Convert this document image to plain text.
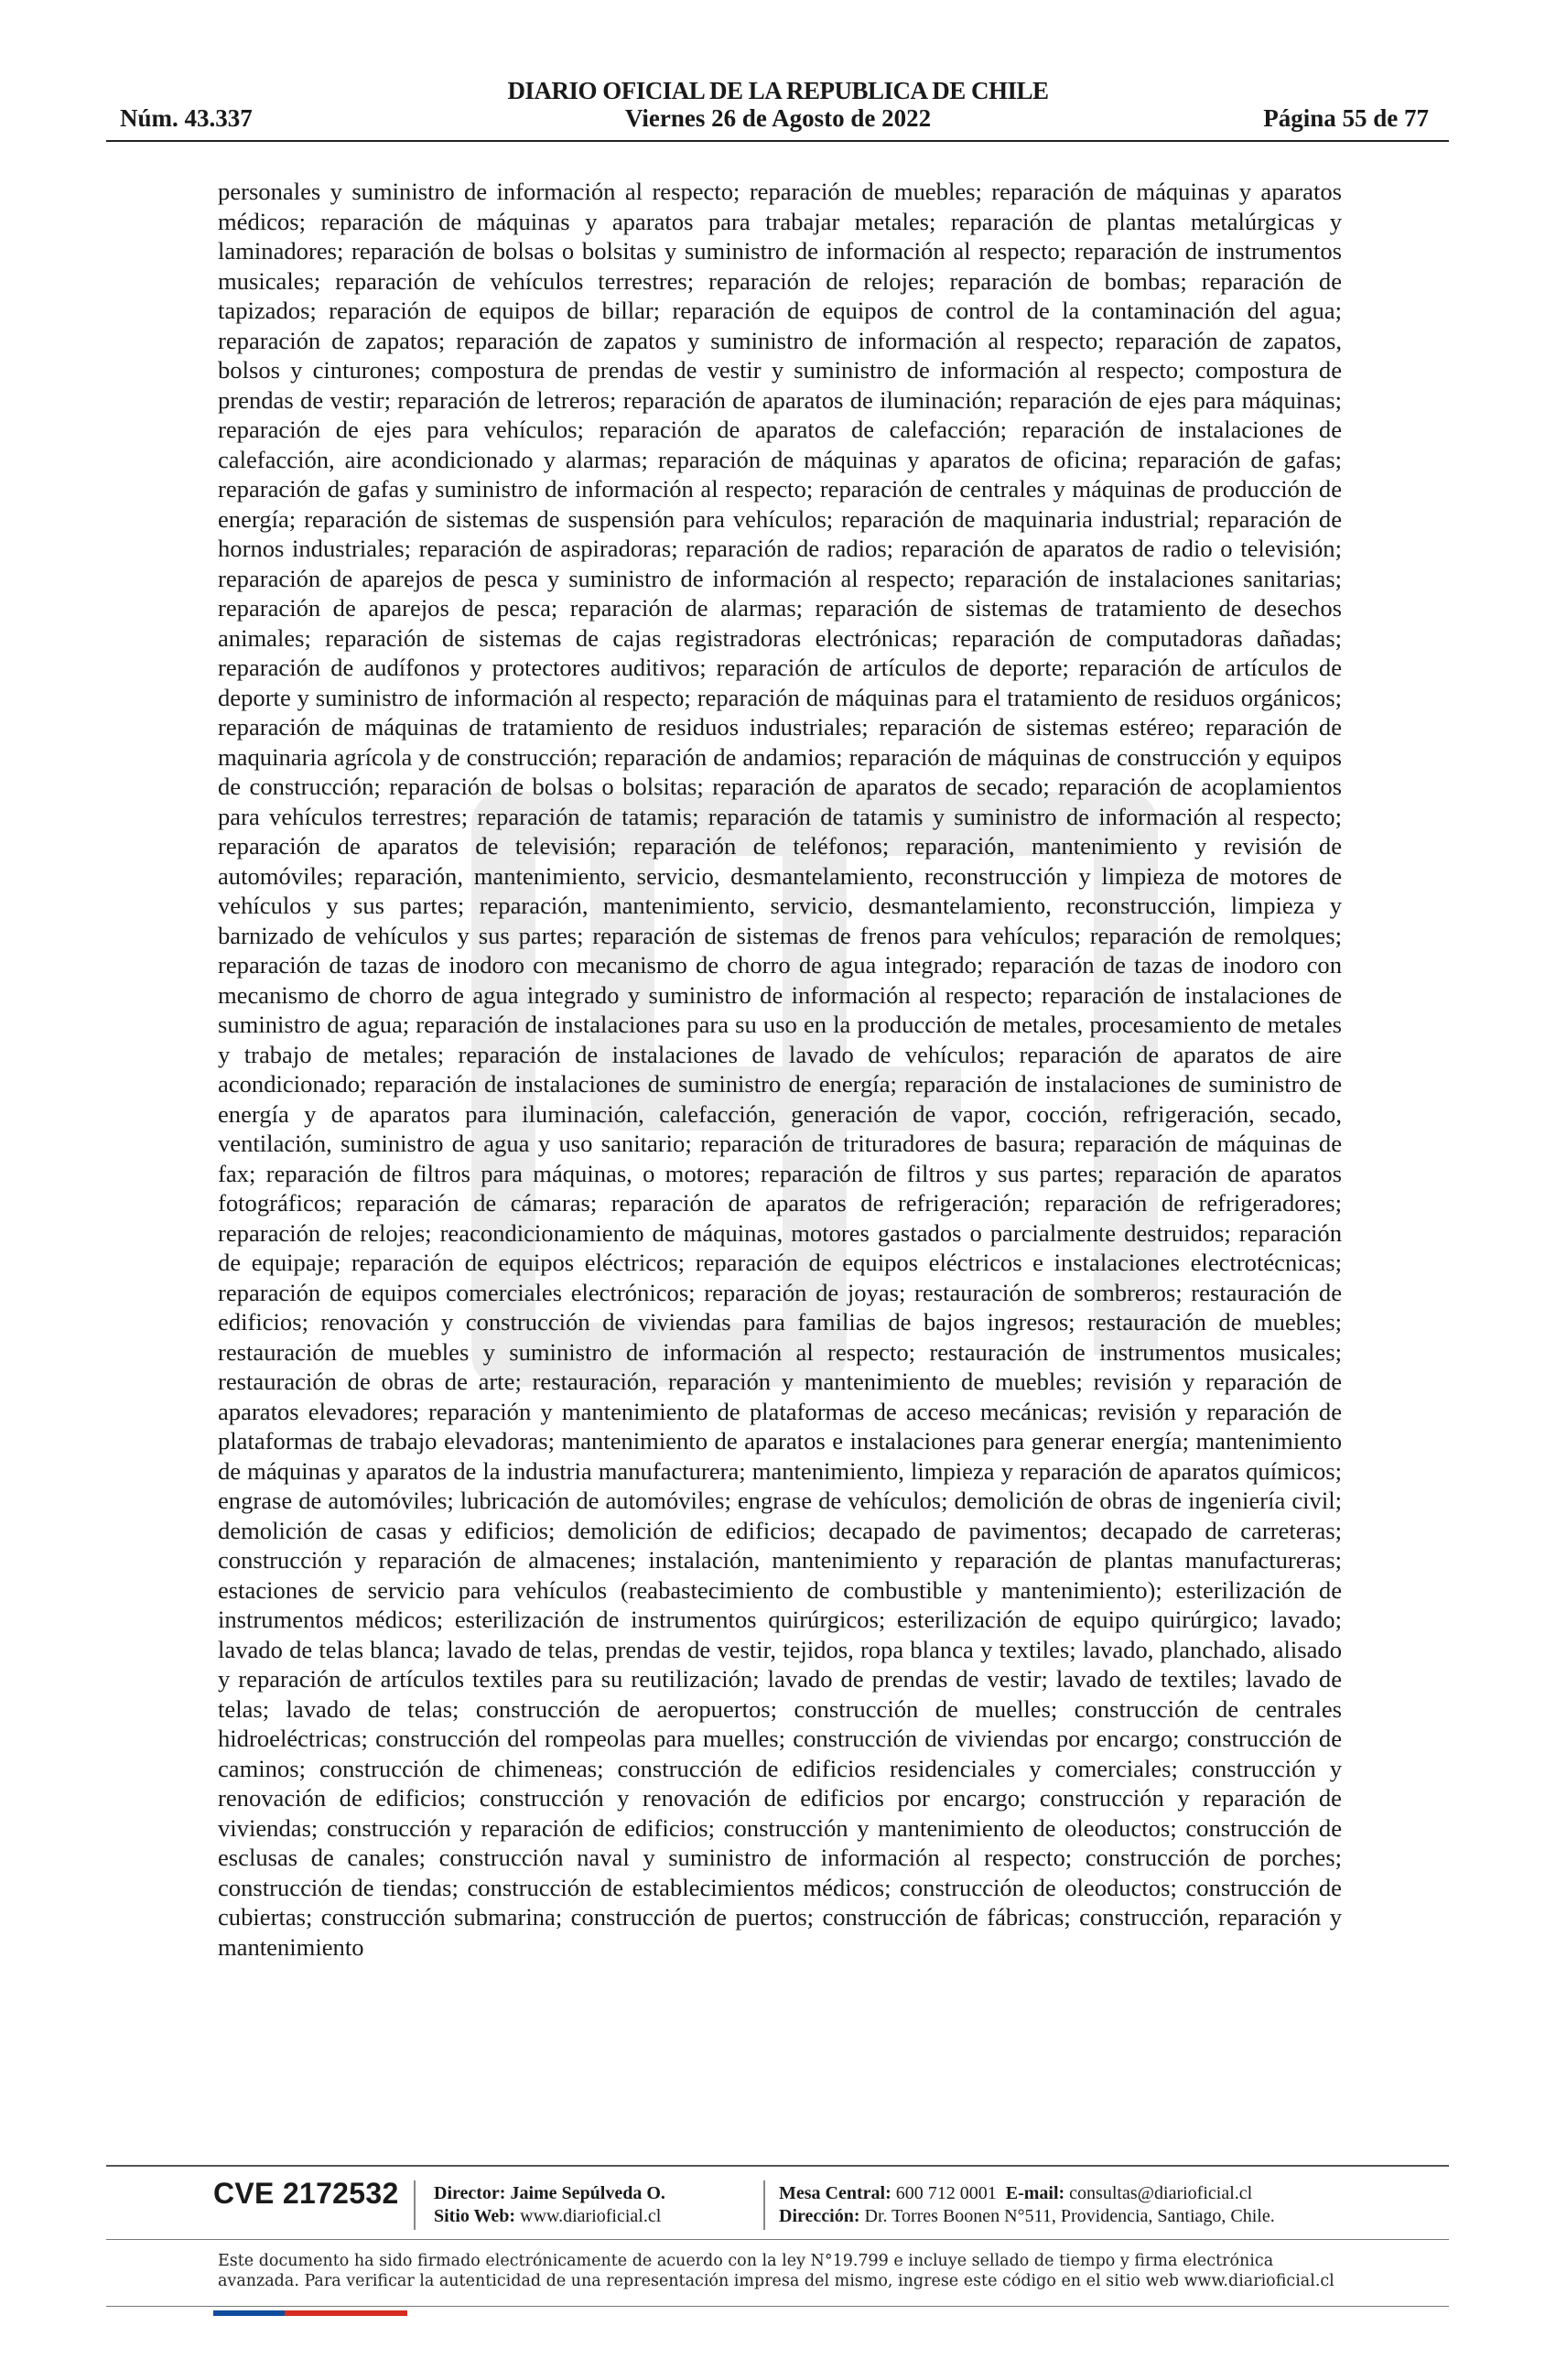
DIARIO OFICIAL DE LA REPUBLICA DE CHILE
Núm. 43.337	Viernes 26 de Agosto de 2022	Página 55 de 77

personales y suministro de información al respecto; reparación de muebles; reparación de máquinas y aparatos médicos; reparación de máquinas y aparatos para trabajar metales; reparación de plantas metalúrgicas y laminadores; reparación de bolsas o bolsitas y suministro de información al respecto; reparación de instrumentos musicales; reparación de vehículos terrestres; reparación de relojes; reparación de bombas; reparación de tapizados; reparación de equipos de billar; reparación de equipos de control de la contaminación del agua; reparación de zapatos; reparación de zapatos y suministro de información al respecto; reparación de zapatos, bolsos y cinturones; compostura de prendas de vestir y suministro de información al respecto; compostura de prendas de vestir; reparación de letreros; reparación de aparatos de iluminación; reparación de ejes para máquinas; reparación de ejes para vehículos; reparación de aparatos de calefacción; reparación de instalaciones de calefacción, aire acondicionado y alarmas; reparación de máquinas y aparatos de oficina; reparación de gafas; reparación de gafas y suministro de información al respecto; reparación de centrales y máquinas de producción de energía; reparación de sistemas de suspensión para vehículos; reparación de maquinaria industrial; reparación de hornos industriales; reparación de aspiradoras; reparación de radios; reparación de aparatos de radio o televisión; reparación de aparejos de pesca y suministro de información al respecto; reparación de instalaciones sanitarias; reparación de aparejos de pesca; reparación de alarmas; reparación de sistemas de tratamiento de desechos animales; reparación de sistemas de cajas registradoras electrónicas; reparación de computadoras dañadas; reparación de audífonos y protectores auditivos; reparación de artículos de deporte; reparación de artículos de deporte y suministro de información al respecto; reparación de máquinas para el tratamiento de residuos orgánicos; reparación de máquinas de tratamiento de residuos industriales; reparación de sistemas estéreo; reparación de maquinaria agrícola y de construcción; reparación de andamios; reparación de máquinas de construcción y equipos de construcción; reparación de bolsas o bolsitas; reparación de aparatos de secado; reparación de acoplamientos para vehículos terrestres; reparación de tatamis; reparación de tatamis y suministro de información al respecto; reparación de aparatos de televisión; reparación de teléfonos; reparación, mantenimiento y revisión de automóviles; reparación, mantenimiento, servicio, desmantelamiento, reconstrucción y limpieza de motores de vehículos y sus partes; reparación, mantenimiento, servicio, desmantelamiento, reconstrucción, limpieza y barnizado de vehículos y sus partes; reparación de sistemas de frenos para vehículos; reparación de remolques; reparación de tazas de inodoro con mecanismo de chorro de agua integrado; reparación de tazas de inodoro con mecanismo de chorro de agua integrado y suministro de información al respecto; reparación de instalaciones de suministro de agua; reparación de instalaciones para su uso en la producción de metales, procesamiento de metales y trabajo de metales; reparación de instalaciones de lavado de vehículos; reparación de aparatos de aire acondicionado; reparación de instalaciones de suministro de energía; reparación de instalaciones de suministro de energía y de aparatos para iluminación, calefacción, generación de vapor, cocción, refrigeración, secado, ventilación, suministro de agua y uso sanitario; reparación de trituradores de basura; reparación de máquinas de fax; reparación de filtros para máquinas, o motores; reparación de filtros y sus partes; reparación de aparatos fotográficos; reparación de cámaras; reparación de aparatos de refrigeración; reparación de refrigeradores; reparación de relojes; reacondicionamiento de máquinas, motores gastados o parcialmente destruidos; reparación de equipaje; reparación de equipos eléctricos; reparación de equipos eléctricos e instalaciones electrotécnicas; reparación de equipos comerciales electrónicos; reparación de joyas; restauración de sombreros; restauración de edificios; renovación y construcción de viviendas para familias de bajos ingresos; restauración de muebles; restauración de muebles y suministro de información al respecto; restauración de instrumentos musicales; restauración de obras de arte; restauración, reparación y mantenimiento de muebles; revisión y reparación de aparatos elevadores; reparación y mantenimiento de plataformas de acceso mecánicas; revisión y reparación de plataformas de trabajo elevadoras; mantenimiento de aparatos e instalaciones para generar energía; mantenimiento de máquinas y aparatos de la industria manufacturera; mantenimiento, limpieza y reparación de aparatos químicos; engrase de automóviles; lubricación de automóviles; engrase de vehículos; demolición de obras de ingeniería civil; demolición de casas y edificios; demolición de edificios; decapado de pavimentos; decapado de carreteras; construcción y reparación de almacenes; instalación, mantenimiento y reparación de plantas manufactureras; estaciones de servicio para vehículos (reabastecimiento de combustible y mantenimiento); esterilización de instrumentos médicos; esterilización de instrumentos quirúrgicos; esterilización de equipo quirúrgico; lavado; lavado de telas blanca; lavado de telas, prendas de vestir, tejidos, ropa blanca y textiles; lavado, planchado, alisado y reparación de artículos textiles para su reutilización; lavado de prendas de vestir; lavado de textiles; lavado de telas; lavado de telas; construcción de aeropuertos; construcción de muelles; construcción de centrales hidroeléctricas; construcción del rompeolas para muelles; construcción de viviendas por encargo; construcción de caminos; construcción de chimeneas; construcción de edificios residenciales y comerciales; construcción y renovación de edificios; construcción y renovación de edificios por encargo; construcción y reparación de viviendas; construcción y reparación de edificios; construcción y mantenimiento de oleoductos; construcción de esclusas de canales; construcción naval y suministro de información al respecto; construcción de porches; construcción de tiendas; construcción de establecimientos médicos; construcción de oleoductos; construcción de cubiertas; construcción submarina; construcción de puertos; construcción de fábricas; construcción, reparación y mantenimiento

CVE 2172532 Director: Jaime Sepúlveda O.
Sitio Web: www.diarioficial.cl
Mesa Central: 600 712 0001 E-mail: consultas@diarioficial.cl
Dirección: Dr. Torres Boonen N°511, Providencia, Santiago, Chile.
Este documento ha sido firmado electrónicamente de acuerdo con la ley N°19.799 e incluye sellado de tiempo y firma electrónica
avanzada. Para verificar la autenticidad de una representación impresa del mismo, ingrese este código en el sitio web www.diarioficial.cl
